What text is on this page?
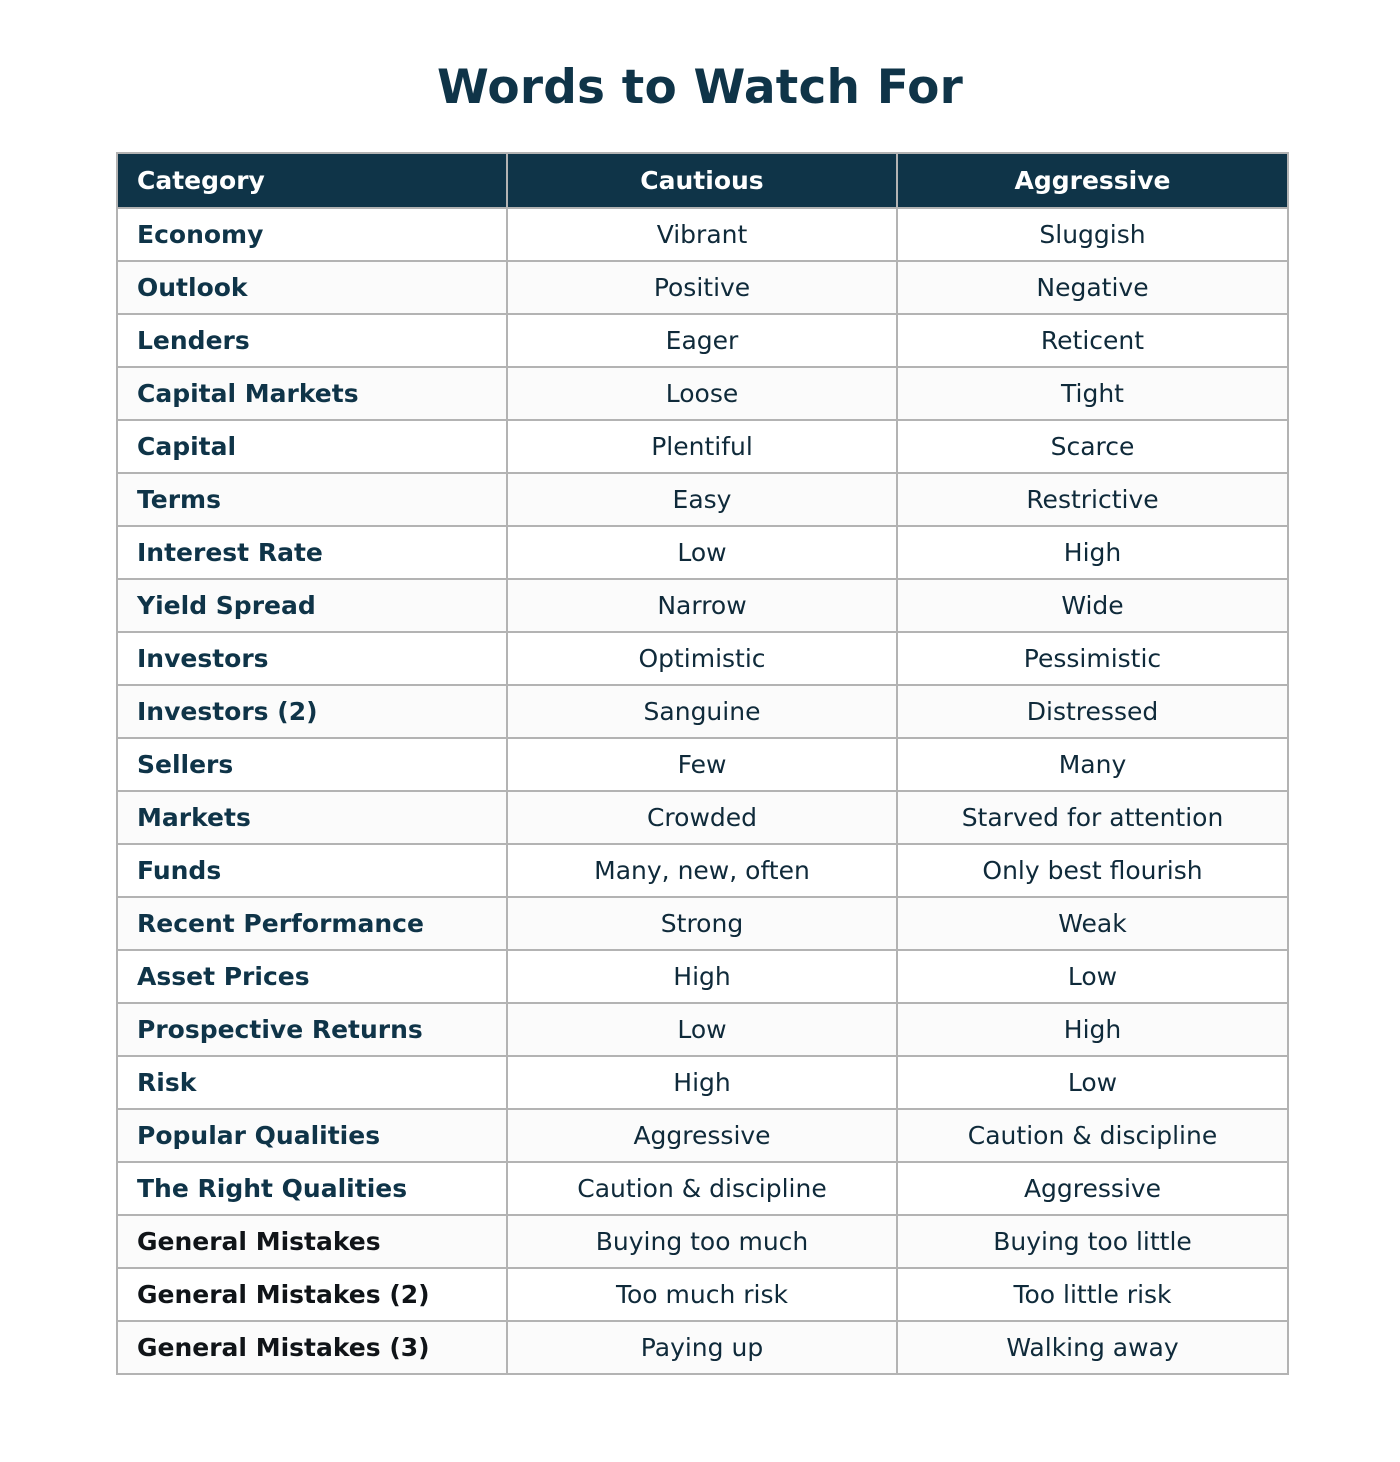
Words to Watch For
Category	Cautious	Aggressive
Economy	Vibrant	Sluggish
Outlook	Positive	Negative
Lenders	Eager	Reticent
Capital Markets	Loose	Tight
Capital	Plentiful	Scarce
Terms	Easy	Restrictive
Interest Rate	Low	High
Yield Spread	Narrow	Wide
Investors	Optimistic	Pessimistic
Investors (2)	Sanguine	Distressed
Sellers	Few	Many
Markets	Crowded	Starved for attention
Funds	Many, new, often	Only best flourish
Recent Performance	Strong	Weak
Asset Prices	High	Low
Prospective Returns	Low	High
Risk	High	Low
Popular Qualities	Aggressive	Caution & discipline
The Right Qualities	Caution & discipline	Aggressive
General Mistakes	Buying too much	Buying too little
General Mistakes (2)	Too much risk	Too little risk
General Mistakes (3)	Paying up	Walking away
